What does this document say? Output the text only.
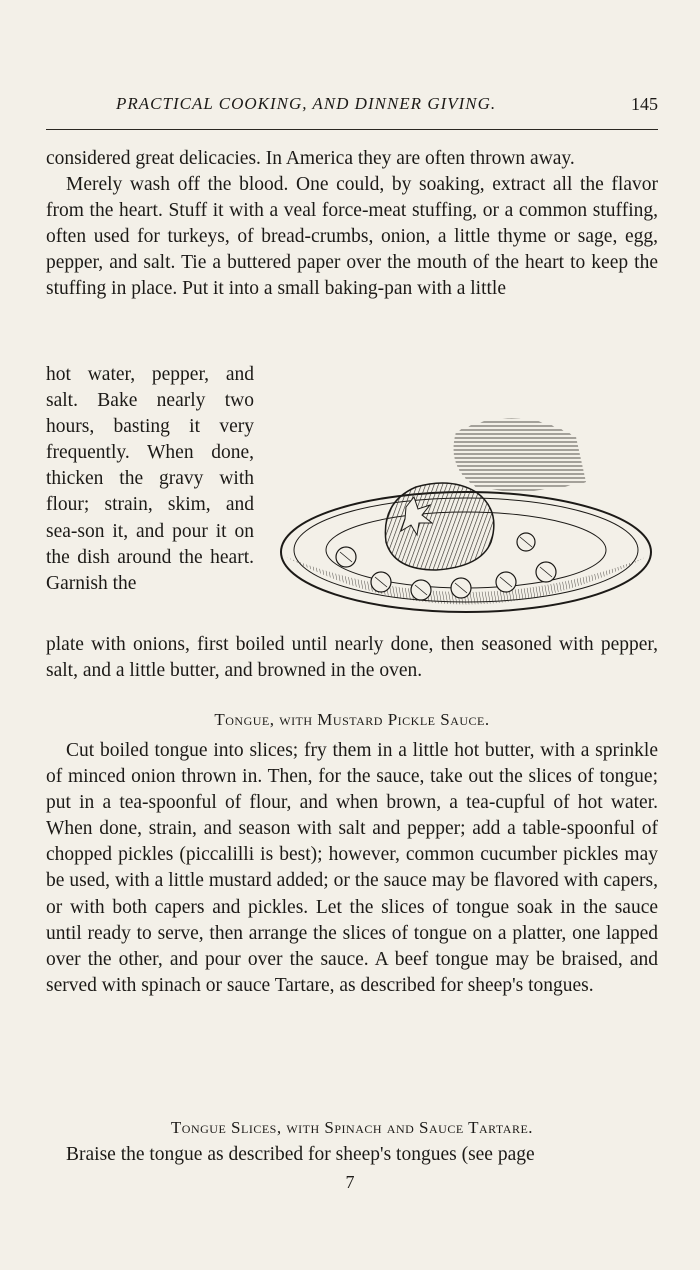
PRACTICAL COOKING, AND DINNER GIVING.	145

considered great delicacies. In America they are often thrown away.

Merely wash off the blood. One could, by soaking, extract all the flavor from the heart. Stuff it with a veal force-meat stuffing, or a common stuffing, often used for turkeys, of bread-crumbs, onion, a little thyme or sage, egg, pepper, and salt. Tie a buttered paper over the mouth of the heart to keep the stuffing in place. Put it into a small baking-pan with a little

hot water, pepper, and salt. Bake nearly two hours, basting it very frequently. When done, thicken the gravy with flour; strain, skim, and sea-son it, and pour it on the dish around the heart. Garnish the

plate with onions, first boiled until nearly done, then seasoned with pepper, salt, and a little butter, and browned in the oven.

Tongue, with Mustard Pickle Sauce.

Cut boiled tongue into slices; fry them in a little hot butter, with a sprinkle of minced onion thrown in. Then, for the sauce, take out the slices of tongue; put in a tea-spoonful of flour, and when brown, a tea-cupful of hot water. When done, strain, and season with salt and pepper; add a table-spoonful of chopped pickles (piccalilli is best); however, common cucumber pickles may be used, with a little mustard added; or the sauce may be flavored with capers, or with both capers and pickles. Let the slices of tongue soak in the sauce until ready to serve, then arrange the slices of tongue on a platter, one lapped over the other, and pour over the sauce. A beef tongue may be braised, and served with spinach or sauce Tartare, as described for sheep's tongues.

Tongue Slices, with Spinach and Sauce Tartare.

Braise the tongue as described for sheep's tongues (see page

7
